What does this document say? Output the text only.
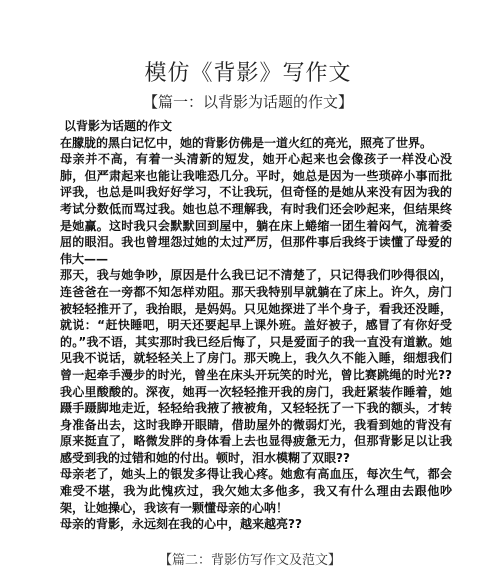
模仿《背影》写作文
【篇一：以背影为话题的作文】

以背影为话题的作文

在朦胧的黑白记忆中，她的背影仿佛是一道火红的亮光，照亮了世界。

母亲并不高，有着一头清新的短发，她开心起来也会像孩子一样没心没肺，但严肃起来也能让我唯恐几分。平时，她总是因为一些琐碎小事而批评我，也总是叫我好好学习，不让我玩，但奇怪的是她从来没有因为我的考试分数低而骂过我。她也总不理解我，有时我们还会吵起来，但结果终是她赢。这时我只会默默回到屋中，躺在床上蜷缩一团生着闷气，流着委屈的眼泪。我也曾埋怨过她的太过严厉，但那件事后我终于读懂了母爱的伟大——

那天，我与她争吵，原因是什么我已记不清楚了，只记得我们吵得很凶，连爸爸在一旁都不知怎样劝阻。那天我特别早就躺在了床上。许久，房门被轻轻推开了，我抬眼，是妈妈。只见她探进了半个身子，看我还没睡，就说：“赶快睡吧，明天还要起早上课外班。盖好被子，感冒了有你好受的。”我不语，其实那时我已经后悔了，只是爱面子的我一直没有道歉。她见我不说话，就轻轻关上了房门。那天晚上，我久久不能入睡，细想我们曾一起牵手漫步的时光，曾坐在床头开玩笑的时光，曾比赛跳绳的时光??我心里酸酸的。深夜，她再一次轻轻推开我的房门，我赶紧装作睡着，她蹑手蹑脚地走近，轻轻给我掖了掖被角，又轻轻抚了一下我的额头，才转身准备出去，这时我睁开眼睛，借助屋外的微弱灯光，我看到她的背没有原来挺直了，略微发胖的身体看上去也显得疲惫无力，但那背影足以让我感受到我的过错和她的付出。顿时，泪水模糊了双眼??

母亲老了，她头上的银发多得让我心疼。她愈有高血压，每次生气，都会难受不堪，我为此愧疚过，我欠她太多他多，我又有什么理由去跟他吵架，让她操心，我该有一颗懂母亲的心呐！

母亲的背影，永远刻在我的心中，越来越亮??

【篇二：背影仿写作文及范文】
